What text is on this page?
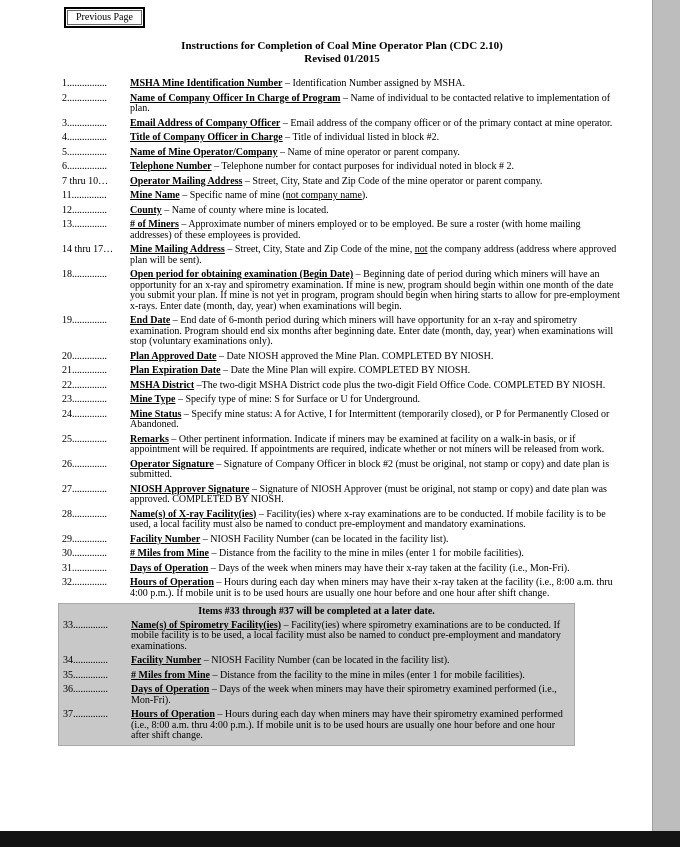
Previous Page
Instructions for Completion of Coal Mine Operator Plan (CDC 2.10)
Revised 01/2015
1................	MSHA Mine Identification Number – Identification Number assigned by MSHA.
2................	Name of Company Officer In Charge of Program – Name of individual to be contacted relative to implementation of plan.
3................	Email Address of Company Officer – Email address of the company officer or of the primary contact at mine operator.
4................	Title of Company Officer in Charge – Title of individual listed in block #2.
5................	Name of Mine Operator/Company – Name of mine operator or parent company.
6................	Telephone Number – Telephone number for contact purposes for individual noted in block # 2.
7 thru 10…	Operator Mailing Address – Street, City, State and Zip Code of the mine operator or parent company.
11..............	Mine Name – Specific name of mine (not company name).
12..............	County – Name of county where mine is located.
13..............	# of Miners – Approximate number of miners employed or to be employed. Be sure a roster (with home mailing addresses) of these employees is provided.
14 thru 17…	Mine Mailing Address – Street, City, State and Zip Code of the mine, not the company address (address where approved plan will be sent).
18..............	Open period for obtaining examination (Begin Date) – Beginning date of period during which miners will have an opportunity for an x-ray and spirometry examination. If mine is new, program should begin within one month of the date you submit your plan. If mine is not yet in program, program should begin when hiring starts to allow for pre-employment x-rays. Enter date (month, day, year) when examinations will begin.
19..............	End Date – End date of 6-month period during which miners will have opportunity for an x-ray and spirometry examination. Program should end six months after beginning date. Enter date (month, day, year) when examinations will stop (voluntary examinations only).
20..............	Plan Approved Date – Date NIOSH approved the Mine Plan. COMPLETED BY NIOSH.
21..............	Plan Expiration Date – Date the Mine Plan will expire. COMPLETED BY NIOSH.
22..............	MSHA District –The two-digit MSHA District code plus the two-digit Field Office Code. COMPLETED BY NIOSH.
23..............	Mine Type – Specify type of mine: S for Surface or U for Underground.
24..............	Mine Status – Specify mine status: A for Active, I for Intermittent (temporarily closed), or P for Permanently Closed or Abandoned.
25..............	Remarks – Other pertinent information. Indicate if miners may be examined at facility on a walk-in basis, or if appointment will be required. If appointments are required, indicate whether or not miners will be released from work.
26..............	Operator Signature – Signature of Company Officer in block #2 (must be original, not stamp or copy) and date plan is submitted.
27..............	NIOSH Approver Signature – Signature of NIOSH Approver (must be original, not stamp or copy) and date plan was approved. COMPLETED BY NIOSH.
28..............	Name(s) of X-ray Facility(ies) – Facility(ies) where x-ray examinations are to be conducted. If mobile facility is to be used, a local facility must also be named to conduct pre-employment and mandatory examinations.
29..............	Facility Number – NIOSH Facility Number (can be located in the facility list).
30..............	# Miles from Mine – Distance from the facility to the mine in miles (enter 1 for mobile facilities).
31..............	Days of Operation – Days of the week when miners may have their x-ray taken at the facility (i.e., Mon-Fri).
32..............	Hours of Operation – Hours during each day when miners may have their x-ray taken at the facility (i.e., 8:00 a.m. thru 4:00 p.m.). If mobile unit is to be used hours are usually one hour before and one hour after shift change.
Items #33 through #37 will be completed at a later date.
33..............	Name(s) of Spirometry Facility(ies) – Facility(ies) where spirometry examinations are to be conducted. If mobile facility is to be used, a local facility must also be named to conduct pre-employment and mandatory examinations.
34..............	Facility Number – NIOSH Facility Number (can be located in the facility list).
35..............	# Miles from Mine – Distance from the facility to the mine in miles (enter 1 for mobile facilities).
36..............	Days of Operation – Days of the week when miners may have their spirometry examined performed (i.e., Mon-Fri).
37..............	Hours of Operation – Hours during each day when miners may have their spirometry examined performed (i.e., 8:00 a.m. thru 4:00 p.m.). If mobile unit is to be used hours are usually one hour before and one hour after shift change.
